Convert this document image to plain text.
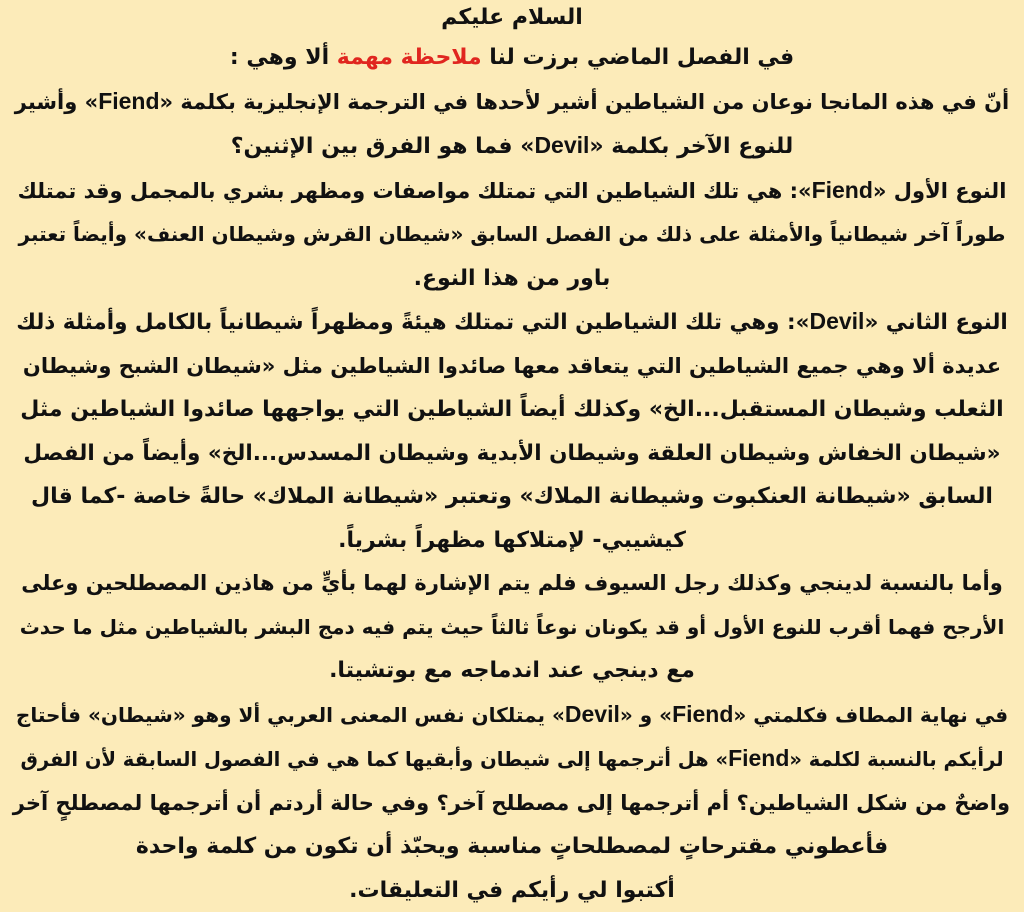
السلام عليكم
في الفصل الماضي برزت لنا ملاحظة مهمة ألا وهي :
أنّ في هذه المانجا نوعان من الشياطين أشير لأحدها في الترجمة الإنجليزية بكلمة «Fiend» وأشير
للنوع الآخر بكلمة «Devil» فما هو الفرق بين الإثنين؟
النوع الأول «Fiend»: هي تلك الشياطين التي تمتلك مواصفات ومظهر بشري بالمجمل وقد تمتلك
طوراً آخر شيطانياً والأمثلة على ذلك من الفصل السابق «شيطان القرش وشيطان العنف» وأيضاً تعتبر
باور من هذا النوع.
النوع الثاني «Devil»: وهي تلك الشياطين التي تمتلك هيئةً ومظهراً شيطانياً بالكامل وأمثلة ذلك
عديدة ألا وهي جميع الشياطين التي يتعاقد معها صائدوا الشياطين مثل «شيطان الشبح وشيطان
الثعلب وشيطان المستقبل...الخ» وكذلك أيضاً الشياطين التي يواجهها صائدوا الشياطين مثل
«شيطان الخفاش وشيطان العلقة وشيطان الأبدية وشيطان المسدس...الخ» وأيضاً من الفصل
السابق «شيطانة العنكبوت وشيطانة الملاك» وتعتبر «شيطانة الملاك» حالةً خاصة -كما قال
كيشيبي- لإمتلاكها مظهراً بشرياً.
وأما بالنسبة لدينجي وكذلك رجل السيوف فلم يتم الإشارة لهما بأيٍّ من هاذين المصطلحين وعلى
الأرجح فهما أقرب للنوع الأول أو قد يكونان نوعاً ثالثاً حيث يتم فيه دمج البشر بالشياطين مثل ما حدث
مع دينجي عند اندماجه مع بوتشيتا.
في نهاية المطاف فكلمتي «Fiend» و «Devil» يمتلكان نفس المعنى العربي ألا وهو «شيطان» فأحتاج
لرأيكم بالنسبة لكلمة «Fiend» هل أترجمها إلى شيطان وأبقيها كما هي في الفصول السابقة لأن الفرق
واضحٌ من شكل الشياطين؟ أم أترجمها إلى مصطلح آخر؟ وفي حالة أردتم أن أترجمها لمصطلحٍ آخر
فأعطوني مقترحاتٍ لمصطلحاتٍ مناسبة ويحبّذ أن تكون من كلمة واحدة
أكتبوا لي رأيكم في التعليقات.
